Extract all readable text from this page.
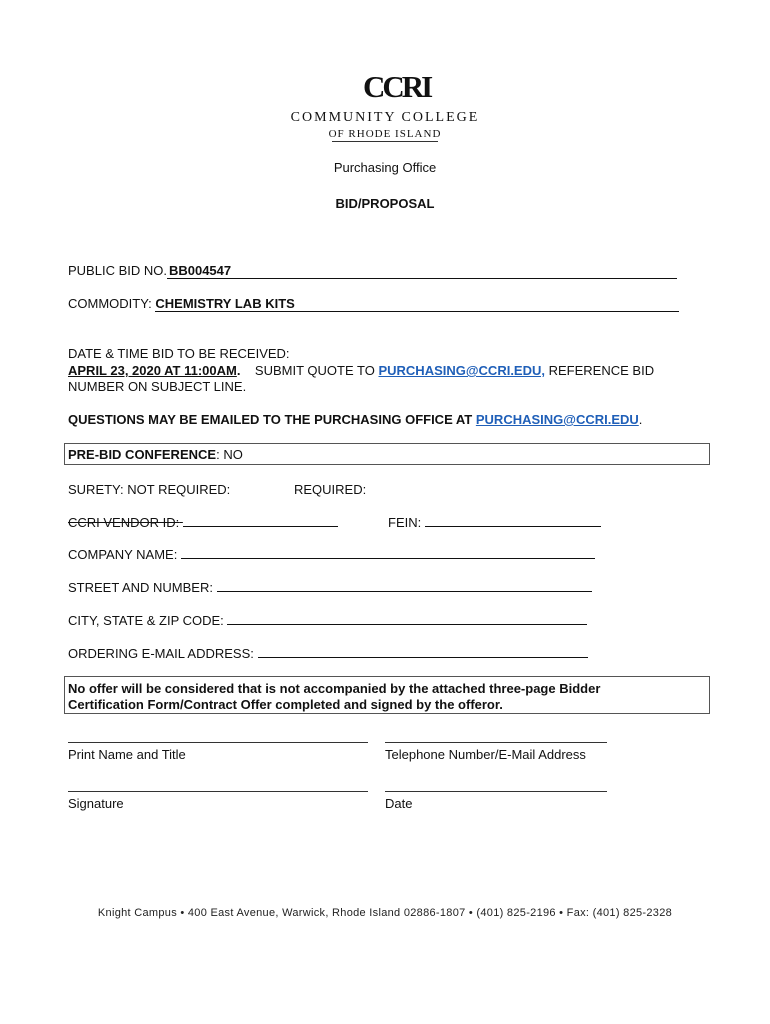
CCRI
COMMUNITY COLLEGE
OF RHODE ISLAND
Purchasing Office
BID/PROPOSAL
PUBLIC BID NO. BB004547
COMMODITY: CHEMISTRY LAB KITS
DATE & TIME BID TO BE RECEIVED:
APRIL 23, 2020 AT 11:00AM. SUBMIT QUOTE TO PURCHASING@CCRI.EDU, REFERENCE BID
NUMBER ON SUBJECT LINE.
QUESTIONS MAY BE EMAILED TO THE PURCHASING OFFICE AT PURCHASING@CCRI.EDU.
PRE-BID CONFERENCE: NO
SURETY: NOT REQUIRED:	REQUIRED:
CCRI VENDOR ID:	FEIN:
COMPANY NAME:
STREET AND NUMBER:
CITY, STATE & ZIP CODE:
ORDERING E-MAIL ADDRESS:
No offer will be considered that is not accompanied by the attached three-page Bidder
Certification Form/Contract Offer completed and signed by the offeror.
Print Name and Title	Telephone Number/E-Mail Address
Signature	Date
Knight Campus • 400 East Avenue, Warwick, Rhode Island 02886-1807 • (401) 825-2196 • Fax: (401) 825-2328
